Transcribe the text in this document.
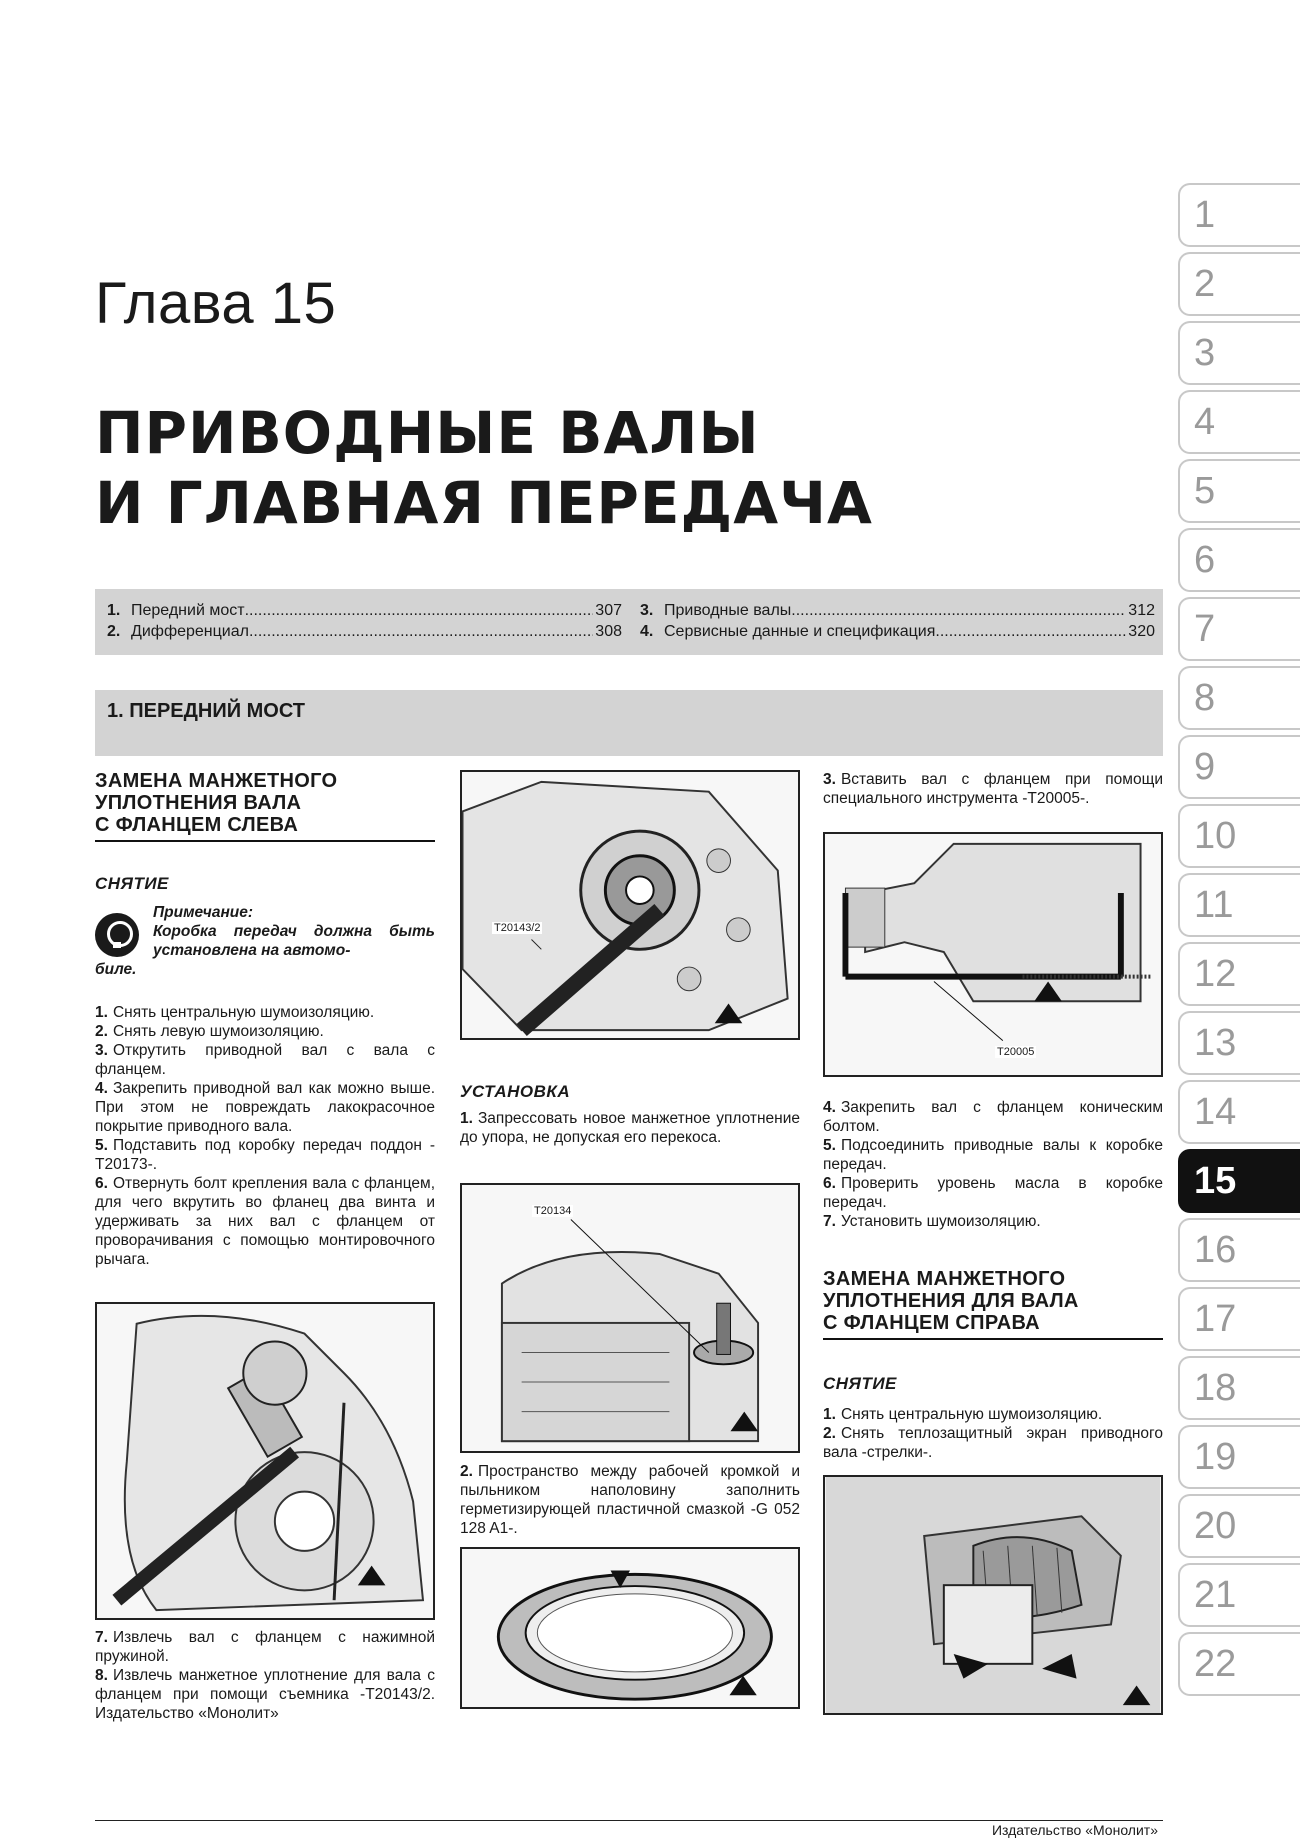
Глава 15
ПРИВОДНЫЕ ВАЛЫ
И ГЛАВНАЯ ПЕРЕДАЧА
1. Передний мост .....	307
2. Дифференциал .....	308
3. Приводные валы .....	312
4. Сервисные данные и спецификация .....	320
1. ПЕРЕДНИЙ МОСТ
ЗАМЕНА МАНЖЕТНОГО
УПЛОТНЕНИЯ ВАЛА
С ФЛАНЦЕМ СЛЕВА
СНЯТИЕ
Примечание:
Коробка передач должна быть установлена на автомо-
биле.
1. Снять центральную шумоизоляцию.
2. Снять левую шумоизоляцию.
3. Открутить приводной вал с вала с фланцем.
4. Закрепить приводной вал как можно выше. При этом не повреждать лакокрасочное покрытие приводного вала.
5. Подставить под коробку передач поддон -T20173-.
6. Отвернуть болт крепления вала с фланцем, для чего вкрутить во фланец два винта и удерживать за них вал с фланцем от проворачивания с помощью монтировочного рычага.
7. Извлечь вал с фланцем с нажимной пружиной.
8. Извлечь манжетное уплотнение для вала с фланцем при помощи съемника -T20143/2. Издательство «Монолит»
T20143/2
УСТАНОВКА
1. Запрессовать новое манжетное уплотнение до упора, не допуская его перекоса.
T20134
2. Пространство между рабочей кромкой и пыльником наполовину заполнить герметизирующей пластичной смазкой -G 052 128 A1-.
3. Вставить вал с фланцем при помощи специального инструмента -T20005-.
T20005
4. Закрепить вал с фланцем коническим болтом.
5. Подсоединить приводные валы к коробке передач.
6. Проверить уровень масла в коробке передач.
7. Установить шумоизоляцию.
ЗАМЕНА МАНЖЕТНОГО
УПЛОТНЕНИЯ ДЛЯ ВАЛА
С ФЛАНЦЕМ СПРАВА
СНЯТИЕ
1. Снять центральную шумоизоляцию.
2. Снять теплозащитный экран приводного вала -стрелки-.
1
2
3
4
5
6
7
8
9
10
11
12
13
14
15
16
17
18
19
20
21
22
Издательство «Монолит»
